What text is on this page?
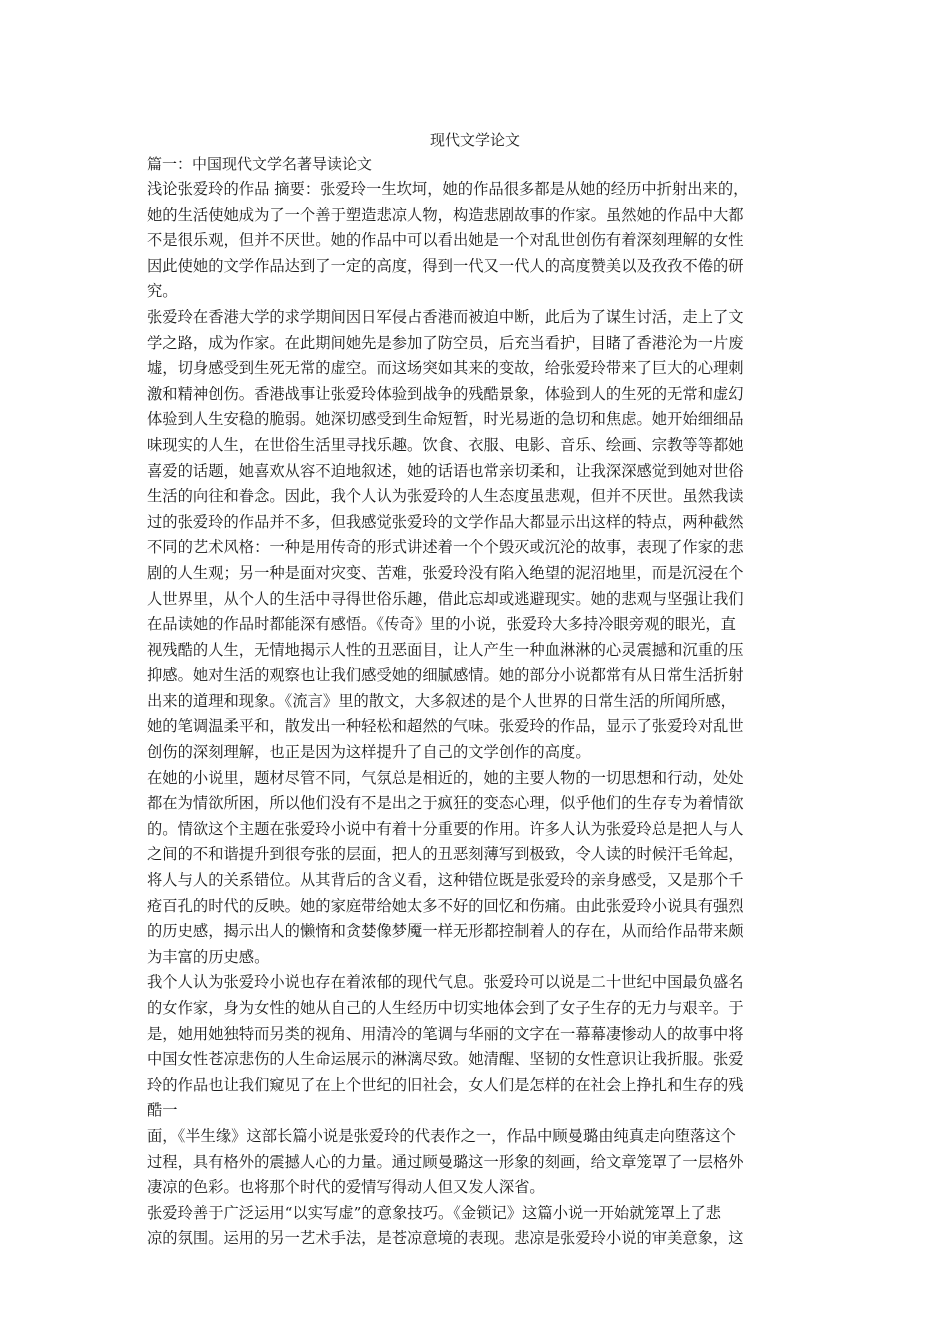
现代文学论文
篇一：中国现代文学名著导读论文
浅论张爱玲的作品 摘要：张爱玲一生坎坷，她的作品很多都是从她的经历中折射出来的，
她的生活使她成为了一个善于塑造悲凉人物，构造悲剧故事的作家。虽然她的作品中大都
不是很乐观，但并不厌世。她的作品中可以看出她是一个对乱世创伤有着深刻理解的女性
因此使她的文学作品达到了一定的高度，得到一代又一代人的高度赞美以及孜孜不倦的研
究。
张爱玲在香港大学的求学期间因日军侵占香港而被迫中断，此后为了谋生讨活，走上了文
学之路，成为作家。在此期间她先是参加了防空员，后充当看护，目睹了香港沦为一片废
墟，切身感受到生死无常的虚空。而这场突如其来的变故，给张爱玲带来了巨大的心理刺
激和精神创伤。香港战事让张爱玲体验到战争的残酷景象，体验到人的生死的无常和虚幻
体验到人生安稳的脆弱。她深切感受到生命短暂，时光易逝的急切和焦虑。她开始细细品
味现实的人生，在世俗生活里寻找乐趣。饮食、衣服、电影、音乐、绘画、宗教等等都她
喜爱的话题，她喜欢从容不迫地叙述，她的话语也常亲切柔和，让我深深感觉到她对世俗
生活的向往和眷念。因此，我个人认为张爱玲的人生态度虽悲观，但并不厌世。虽然我读
过的张爱玲的作品并不多，但我感觉张爱玲的文学作品大都显示出这样的特点，两种截然
不同的艺术风格：一种是用传奇的形式讲述着一个个毁灭或沉沦的故事，表现了作家的悲
剧的人生观；另一种是面对灾变、苦难，张爱玲没有陷入绝望的泥沼地里，而是沉浸在个
人世界里，从个人的生活中寻得世俗乐趣，借此忘却或逃避现实。她的悲观与坚强让我们
在品读她的作品时都能深有感悟。《传奇》里的小说，张爱玲大多持冷眼旁观的眼光，直
视残酷的人生，无情地揭示人性的丑恶面目，让人产生一种血淋淋的心灵震撼和沉重的压
抑感。她对生活的观察也让我们感受她的细腻感情。她的部分小说都常有从日常生活折射
出来的道理和现象。《流言》里的散文，大多叙述的是个人世界的日常生活的所闻所感，
她的笔调温柔平和，散发出一种轻松和超然的气味。张爱玲的作品，显示了张爱玲对乱世
创伤的深刻理解，也正是因为这样提升了自己的文学创作的高度。
在她的小说里，题材尽管不同，气氛总是相近的，她的主要人物的一切思想和行动，处处
都在为情欲所困，所以他们没有不是出之于疯狂的变态心理，似乎他们的生存专为着情欲
的。情欲这个主题在张爱玲小说中有着十分重要的作用。许多人认为张爱玲总是把人与人
之间的不和谐提升到很夸张的层面，把人的丑恶刻薄写到极致，令人读的时候汗毛耸起，
将人与人的关系错位。从其背后的含义看，这种错位既是张爱玲的亲身感受，又是那个千
疮百孔的时代的反映。她的家庭带给她太多不好的回忆和伤痛。由此张爱玲小说具有强烈
的历史感，揭示出人的懒惰和贪婪像梦魇一样无形都控制着人的存在，从而给作品带来颇
为丰富的历史感。
我个人认为张爱玲小说也存在着浓郁的现代气息。张爱玲可以说是二十世纪中国最负盛名
的女作家，身为女性的她从自己的人生经历中切实地体会到了女子生存的无力与艰辛。于
是，她用她独特而另类的视角、用清冷的笔调与华丽的文字在一幕幕凄惨动人的故事中将
中国女性苍凉悲伤的人生命运展示的淋漓尽致。她清醒、坚韧的女性意识让我折服。张爱
玲的作品也让我们窥见了在上个世纪的旧社会，女人们是怎样的在社会上挣扎和生存的残
酷一
面，《半生缘》这部长篇小说是张爱玲的代表作之一，作品中顾曼璐由纯真走向堕落这个
过程，具有格外的震撼人心的力量。通过顾曼璐这一形象的刻画，给文章笼罩了一层格外
凄凉的色彩。也将那个时代的爱情写得动人但又发人深省。
张爱玲善于广泛运用“以实写虚”的意象技巧。《金锁记》这篇小说一开始就笼罩上了悲
凉的氛围。运用的另一艺术手法，是苍凉意境的表现。悲凉是张爱玲小说的审美意象，这
